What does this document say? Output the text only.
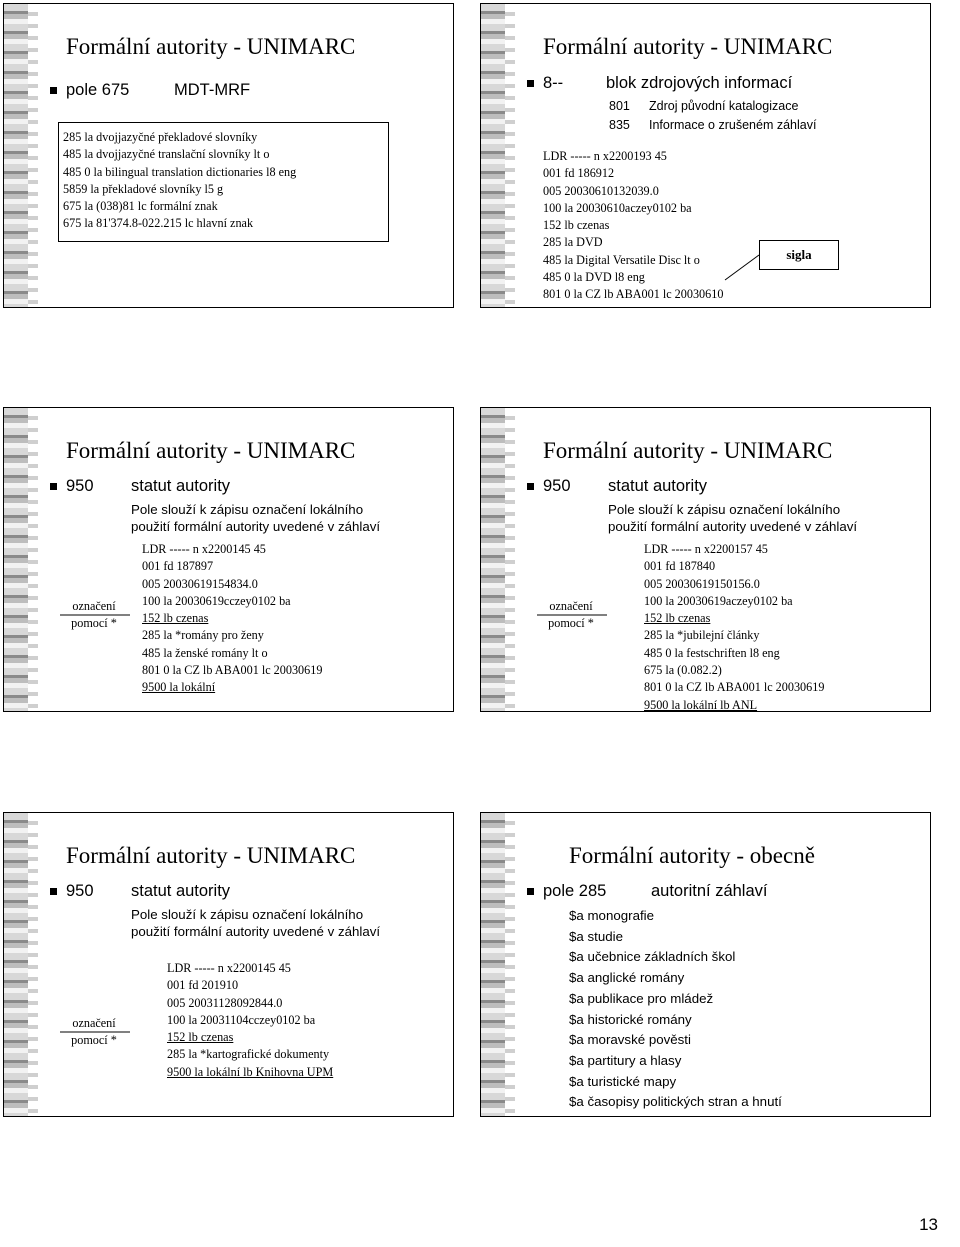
Formální autority - UNIMARC
pole 675	MDT-MRF
285 la dvojjazyčné překladové slovníky
485 la dvojjazyčné translační slovníky lt o
485 0 la bilingual translation dictionaries l8 eng
5859 la překladové slovníky l5 g
675 la (038)81 lc formální znak
675 la 81'374.8-022.215 lc hlavní znak
Formální autority - UNIMARC
8--	blok zdrojových informací
801 Zdroj původní katalogizace
835 Informace o zrušeném záhlaví
LDR ----- n x2200193 45
001 fd 186912
005 20030610132039.0
100 la 20030610aczey0102 ba
152 lb czenas
285 la DVD
485 la Digital Versatile Disc lt o
485 0 la DVD l8 eng
801 0 la CZ lb ABA001 lc 20030610
sigla
Formální autority - UNIMARC
950 statut autority
Pole slouží k zápisu označení lokálního
použití formální autority uvedené v záhlaví
označení
pomocí *
LDR ----- n x2200145 45
001 fd 187897
005 20030619154834.0
100 la 20030619cczey0102 ba
152 lb czenas
285 la *romány pro ženy
485 la ženské romány lt o
801 0 la CZ lb ABA001 lc 20030619
9500 la lokální
Formální autority - UNIMARC
950 statut autority
Pole slouží k zápisu označení lokálního
použití formální autority uvedené v záhlaví
označení
pomocí *
LDR ----- n x2200157 45
001 fd 187840
005 20030619150156.0
100 la 20030619aczey0102 ba
152 lb czenas
285 la *jubilejní články
485 0 la festschriften l8 eng
675 la (0.082.2)
801 0 la CZ lb ABA001 lc 20030619
9500 la lokální lb ANL
Formální autority - UNIMARC
950 statut autority
Pole slouží k zápisu označení lokálního
použití formální autority uvedené v záhlaví
označení
pomocí *
LDR ----- n x2200145 45
001 fd 201910
005 20031128092844.0
100 la 20031104cczey0102 ba
152 lb czenas
285 la *kartografické dokumenty
9500 la lokální lb Knihovna UPM
Formální autority - obecně
pole 285	autoritní záhlaví
$a monografie
$a studie
$a učebnice základních škol
$a anglické romány
$a publikace pro mládež
$a historické romány
$a moravské pověsti
$a partitury a hlasy
$a turistické mapy
$a časopisy politických stran a hnutí
13
